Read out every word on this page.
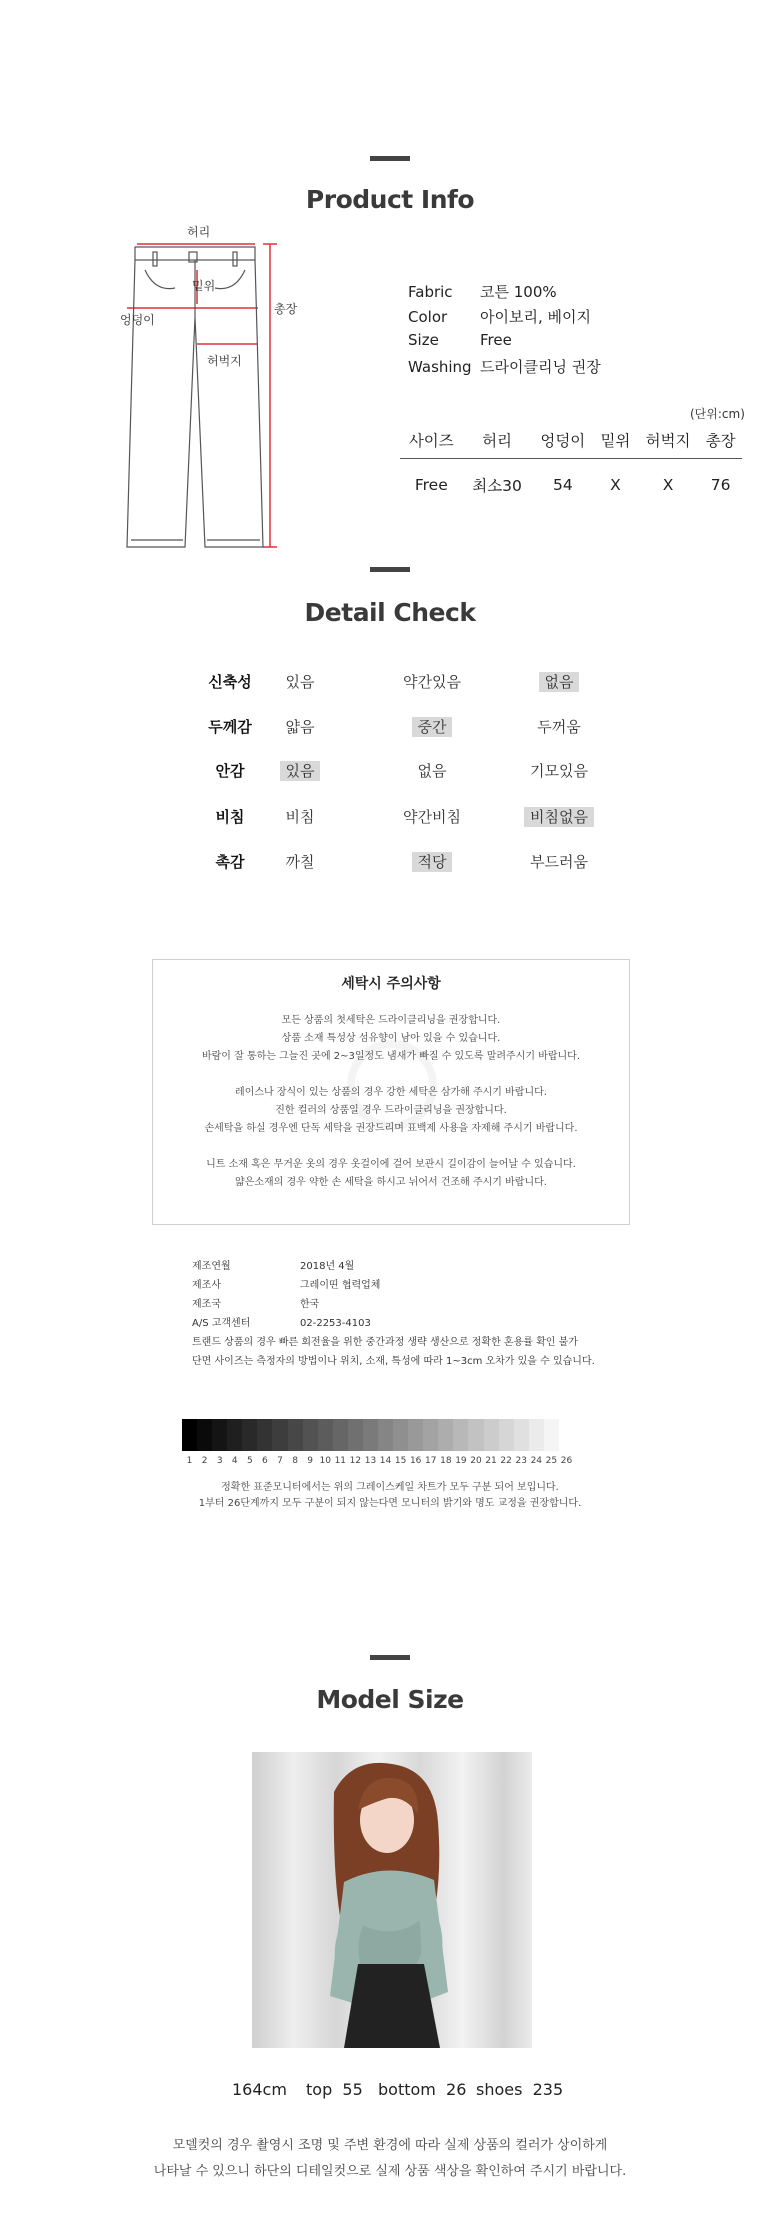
Product Info
허리
밑위
엉덩이
허벅지
총장
Fabric 코튼 100%
Color 아이보리, 베이지
Size	Free
Washing 드라이클리닝 권장
(단위:cm)
사이즈	허리	엉덩이	밑위	허벅지	총장
Free	최소30	54	X	X	76
Detail Check
신축성	있음	약간있음	없음
두께감	얇음	중간	두꺼움
안감	있음	없음	기모있음
비침	비침	약간비침	비침없음
촉감	까칠	적당	부드러움
세탁시 주의사항
모든 상품의 첫세탁은 드라이클리닝을 권장합니다.
상품 소재 특성상 섬유향이 남아 있을 수 있습니다.
바람이 잘 통하는 그늘진 곳에 2~3일정도 냄새가 빠질 수 있도록 말려주시기 바랍니다.
레이스나 장식이 있는 상품의 경우 강한 세탁은 삼가해 주시기 바랍니다.
진한 컬러의 상품일 경우 드라이클리닝을 권장합니다.
손세탁을 하실 경우엔 단독 세탁을 권장드리며 표백제 사용을 자제해 주시기 바랍니다.
니트 소재 혹은 무거운 옷의 경우 옷걸이에 걸어 보관시 길이감이 늘어날 수 있습니다.
얇은소재의 경우 약한 손 세탁을 하시고 뉘어서 건조해 주시기 바랍니다.
제조연월	2018년 4월
제조사	그레이띤 협력업체
제조국	한국
A/S 고객센터	02-2253-4103
트랜드 상품의 경우 빠른 회전율을 위한 중간과정 생략 생산으로 정확한 혼용률 확인 불가
단면 사이즈는 측정자의 방법이나 위치, 소재, 특성에 따라 1~3cm 오차가 있을 수 있습니다.
1	2	3	4	5	6	7	8	9 10 11 12 13 14 15 16 17 18 19 20 21 22 23 24 25 26
정확한 표준모니터에서는 위의 그레이스케일 차트가 모두 구분 되어 보입니다.
1부터 26단계까지 모두 구분이 되지 않는다면 모니터의 밝기와 명도 교정을 권장합니다.
Model Size
164cm top 55 bottom 26 shoes 235
모델컷의 경우 촬영시 조명 및 주변 환경에 따라 실제 상품의 컬러가 상이하게
나타날 수 있으니 하단의 디테일컷으로 실제 상품 색상을 확인하여 주시기 바랍니다.
